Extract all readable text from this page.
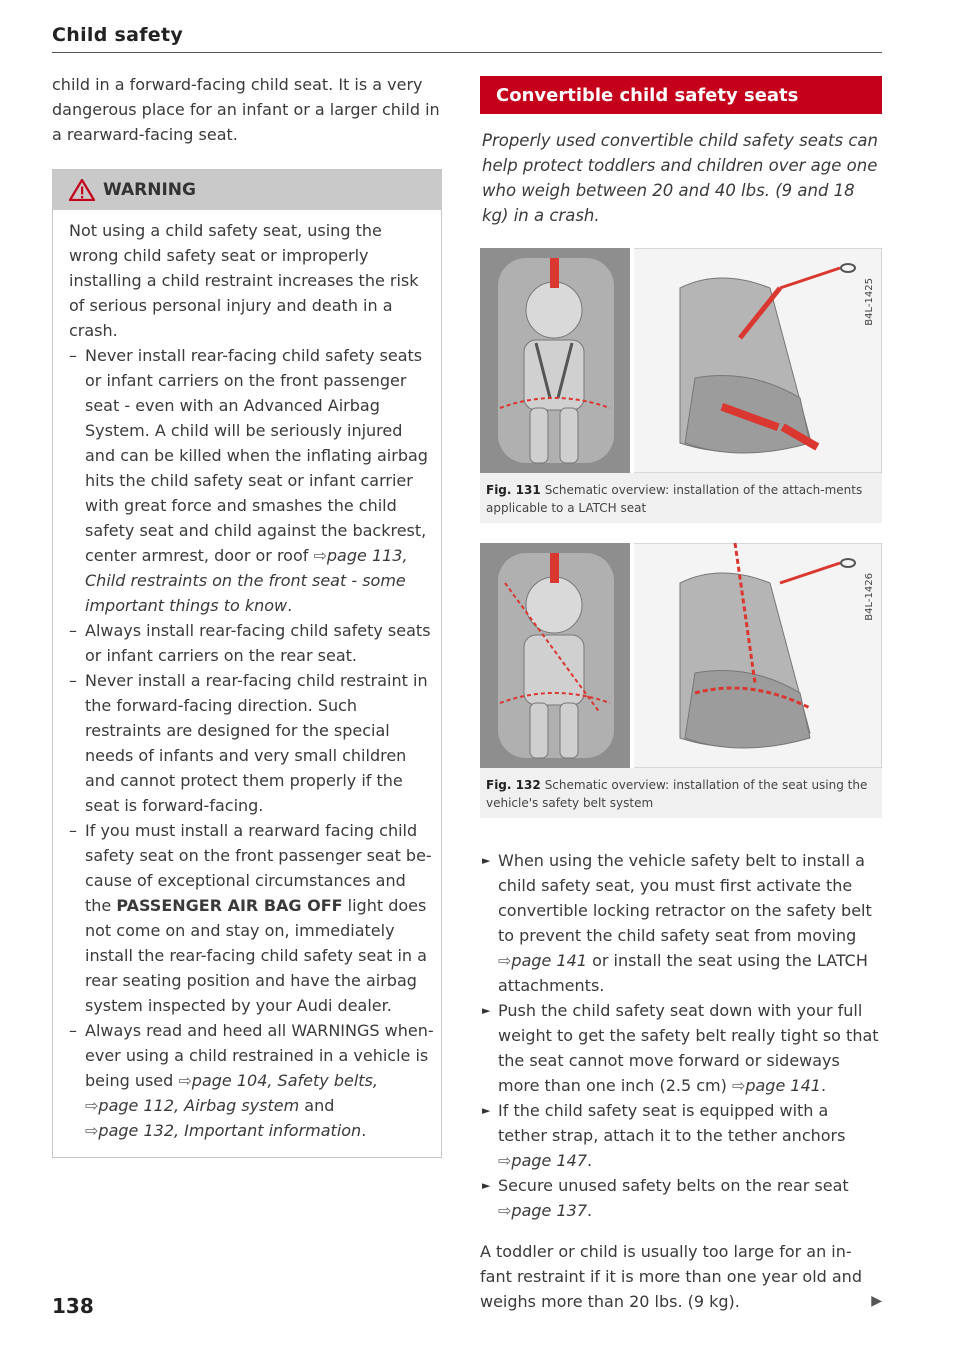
Child safety

child in a forward-facing child seat. It is a very dangerous place for an infant or a larger child in a rearward-facing seat.

WARNING

Not using a child safety seat, using the wrong child safety seat or improperly installing a child restraint increases the risk of serious personal injury and death in a crash.

– Never install rear-facing child safety seats or infant carriers on the front passenger seat - even with an Advanced Airbag System. A child will be seriously injured and can be killed when the inflating airbag hits the child safety seat or infant carrier with great force and smashes the child safety seat and child against the backrest, center armrest, door or roof ⇨page 113, Child restraints on the front seat - some important things to know.

– Always install rear-facing child safety seats or infant carriers on the rear seat.

– Never install a rear-facing child restraint in the forward-facing direction. Such restraints are designed for the special needs of infants and very small children and cannot protect them properly if the seat is forward-facing.

– If you must install a rearward facing child safety seat on the front passenger seat be-cause of exceptional circumstances and the PASSENGER AIR BAG OFF light does not come on and stay on, immediately install the rear-facing child safety seat in a rear seating position and have the airbag system inspected by your Audi dealer.

– Always read and heed all WARNINGS when-ever using a child restrained in a vehicle is being used ⇨page 104, Safety belts,
⇨page 112, Airbag system and
⇨page 132, Important information.

Convertible child safety seats

Properly used convertible child safety seats can help protect toddlers and children over age one who weigh between 20 and 40 lbs. (9 and 18 kg) in a crash.

B4L-1425
Fig. 131 Schematic overview: installation of the attach-ments applicable to a LATCH seat
B4L-1426
Fig. 132 Schematic overview: installation of the seat using the vehicle's safety belt system

► When using the vehicle safety belt to install a child safety seat, you must first activate the convertible locking retractor on the safety belt to prevent the child safety seat from moving ⇨page 141 or install the seat using the LATCH attachments.

► Push the child safety seat down with your full weight to get the safety belt really tight so that the seat cannot move forward or sideways more than one inch (2.5 cm) ⇨page 141.

► If the child safety seat is equipped with a tether strap, attach it to the tether anchors
⇨page 147.

► Secure unused safety belts on the rear seat
⇨page 137.

A toddler or child is usually too large for an in-fant restraint if it is more than one year old and weighs more than 20 lbs. (9 kg).	▶

138
